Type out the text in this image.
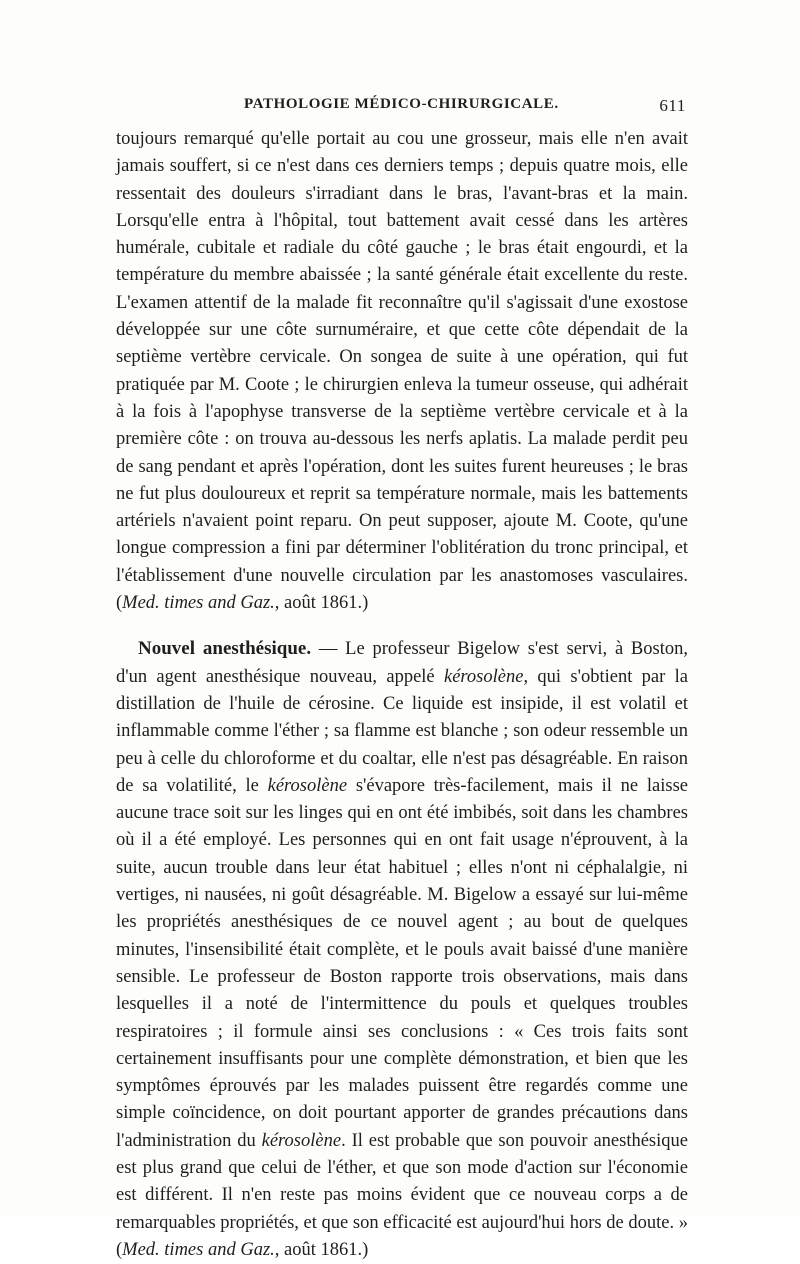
PATHOLOGIE MÉDICO-CHIRURGICALE.	611

toujours remarqué qu'elle portait au cou une grosseur, mais elle n'en avait jamais souffert, si ce n'est dans ces derniers temps ; depuis quatre mois, elle ressentait des douleurs s'irradiant dans le bras, l'avant-bras et la main. Lorsqu'elle entra à l'hôpital, tout battement avait cessé dans les artères humérale, cubitale et radiale du côté gauche ; le bras était engourdi, et la température du membre abaissée ; la santé générale était excellente du reste. L'examen attentif de la malade fit reconnaître qu'il s'agissait d'une exostose développée sur une côte surnuméraire, et que cette côte dépendait de la septième vertèbre cervicale. On songea de suite à une opération, qui fut pratiquée par M. Coote ; le chirurgien enleva la tumeur osseuse, qui adhérait à la fois à l'apophyse transverse de la septième vertèbre cervicale et à la première côte : on trouva au-dessous les nerfs aplatis. La malade perdit peu de sang pendant et après l'opération, dont les suites furent heureuses ; le bras ne fut plus douloureux et reprit sa température normale, mais les battements artériels n'avaient point reparu. On peut supposer, ajoute M. Coote, qu'une longue compression a fini par déterminer l'oblitération du tronc principal, et l'établissement d'une nouvelle circulation par les anastomoses vasculaires. (Med. times and Gaz., août 1861.)

Nouvel anesthésique. — Le professeur Bigelow s'est servi, à Boston, d'un agent anesthésique nouveau, appelé kérosolène, qui s'obtient par la distillation de l'huile de cérosine. Ce liquide est insipide, il est volatil et inflammable comme l'éther ; sa flamme est blanche ; son odeur ressemble un peu à celle du chloroforme et du coaltar, elle n'est pas désagréable. En raison de sa volatilité, le kérosolène s'évapore très-facilement, mais il ne laisse aucune trace soit sur les linges qui en ont été imbibés, soit dans les chambres où il a été employé. Les personnes qui en ont fait usage n'éprouvent, à la suite, aucun trouble dans leur état habituel ; elles n'ont ni céphalalgie, ni vertiges, ni nausées, ni goût désagréable. M. Bigelow a essayé sur lui-même les propriétés anesthésiques de ce nouvel agent ; au bout de quelques minutes, l'insensibilité était complète, et le pouls avait baissé d'une manière sensible. Le professeur de Boston rapporte trois observations, mais dans lesquelles il a noté de l'intermittence du pouls et quelques troubles respiratoires ; il formule ainsi ses conclusions : « Ces trois faits sont certainement insuffisants pour une complète démonstration, et bien que les symptômes éprouvés par les malades puissent être regardés comme une simple coïncidence, on doit pourtant apporter de grandes précautions dans l'administration du kérosolène. Il est probable que son pouvoir anesthésique est plus grand que celui de l'éther, et que son mode d'action sur l'économie est différent. Il n'en reste pas moins évident que ce nouveau corps a de remarquables propriétés, et que son efficacité est aujourd'hui hors de doute. » (Med. times and Gaz., août 1861.)
